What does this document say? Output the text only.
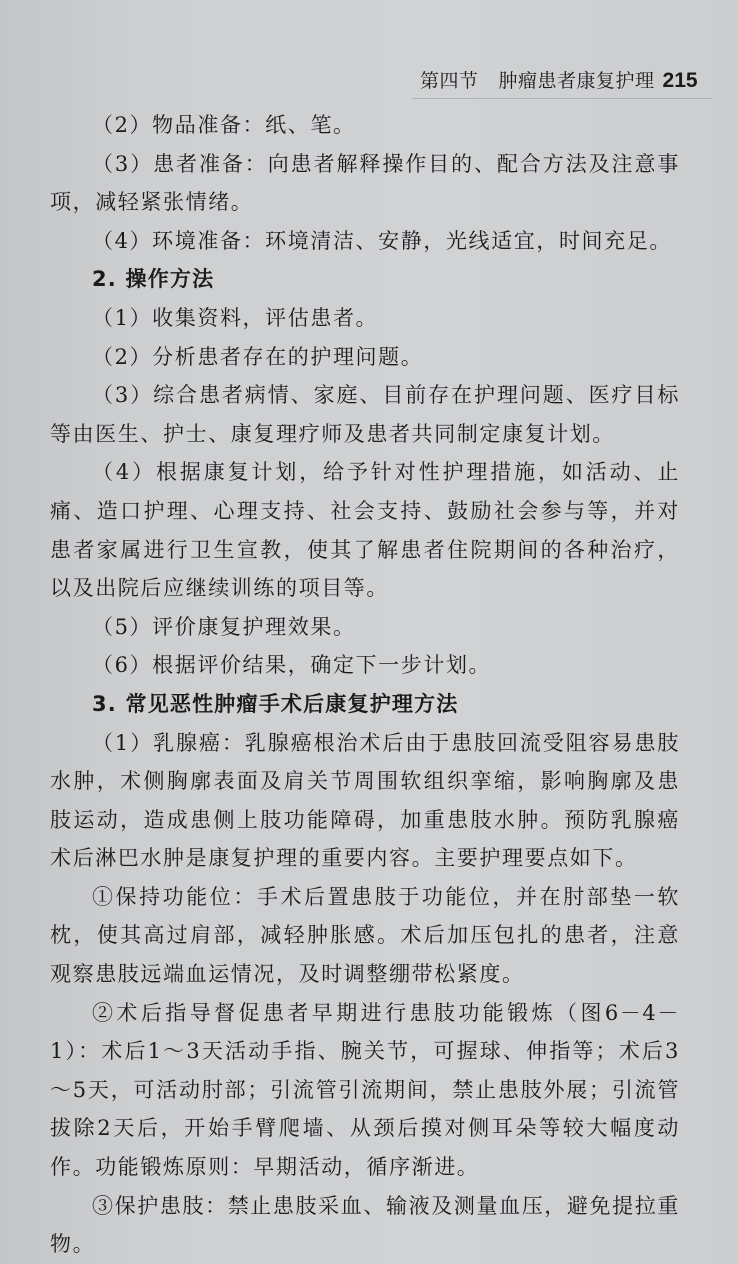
第四节 肿瘤患者康复护理 215

（2）物品准备：纸、笔。

（3）患者准备：向患者解释操作目的、配合方法及注意事项，减轻紧张情绪。

（4）环境准备：环境清洁、安静，光线适宜，时间充足。

2. 操作方法

（1）收集资料，评估患者。

（2）分析患者存在的护理问题。

（3）综合患者病情、家庭、目前存在护理问题、医疗目标等由医生、护士、康复理疗师及患者共同制定康复计划。

（4）根据康复计划，给予针对性护理措施，如活动、止痛、造口护理、心理支持、社会支持、鼓励社会参与等，并对患者家属进行卫生宣教，使其了解患者住院期间的各种治疗，以及出院后应继续训练的项目等。

（5）评价康复护理效果。

（6）根据评价结果，确定下一步计划。

3. 常见恶性肿瘤手术后康复护理方法

（1）乳腺癌：乳腺癌根治术后由于患肢回流受阻容易患肢水肿，术侧胸廓表面及肩关节周围软组织挛缩，影响胸廓及患肢运动，造成患侧上肢功能障碍，加重患肢水肿。预防乳腺癌术后淋巴水肿是康复护理的重要内容。主要护理要点如下。

①保持功能位：手术后置患肢于功能位，并在肘部垫一软枕，使其高过肩部，减轻肿胀感。术后加压包扎的患者，注意观察患肢远端血运情况，及时调整绷带松紧度。

②术后指导督促患者早期进行患肢功能锻炼（图6－4－1）：术后1～3天活动手指、腕关节，可握球、伸指等；术后3～5天，可活动肘部；引流管引流期间，禁止患肢外展；引流管拔除2天后，开始手臂爬墙、从颈后摸对侧耳朵等较大幅度动作。功能锻炼原则：早期活动，循序渐进。

③保护患肢：禁止患肢采血、输液及测量血压，避免提拉重物。
